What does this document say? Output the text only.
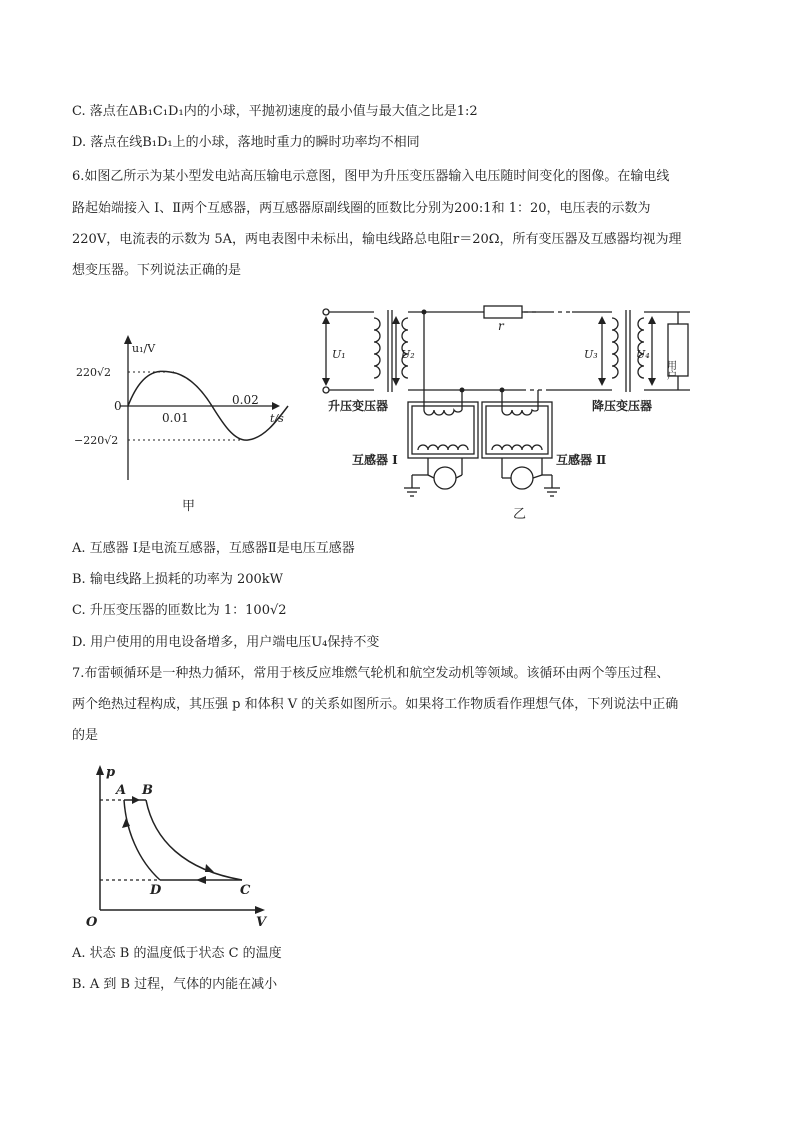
C. 落点在ΔB₁C₁D₁内的小球，平抛初速度的最小值与最大值之比是1:2
D. 落点在线B₁D₁上的小球，落地时重力的瞬时功率均不相同
6.如图乙所示为某小型发电站高压输电示意图，图甲为升压变压器输入电压随时间变化的图像。在输电线
路起始端接入 I、Ⅱ两个互感器，两互感器原副线圈的匝数比分别为200:1和 1：20，电压表的示数为
220V，电流表的示数为 5A，两电表图中未标出，输电线路总电阻r＝20Ω，所有变压器及互感器均视为理
想变压器。下列说法正确的是
u₁/V
220√2
−220√2
0
0.01
0.02
t/s
甲
r
U₁	U₂	U₃	U₄
用户
升压变压器	降压变压器
互感器 I	互感器 Ⅱ
乙
A. 互感器 I是电流互感器，互感器Ⅱ是电压互感器
B. 输电线路上损耗的功率为 200kW
C. 升压变压器的匝数比为 1：100√2
D. 用户使用的用电设备增多，用户端电压U₄保持不变
7.布雷顿循环是一种热力循环，常用于核反应堆燃气轮机和航空发动机等领域。该循环由两个等压过程、
两个绝热过程构成，其压强 p 和体积 V 的关系如图所示。如果将工作物质看作理想气体，下列说法中正确
的是
p
V
O
A B
C
D
A. 状态 B 的温度低于状态 C 的温度
B. A 到 B 过程，气体的内能在减小
